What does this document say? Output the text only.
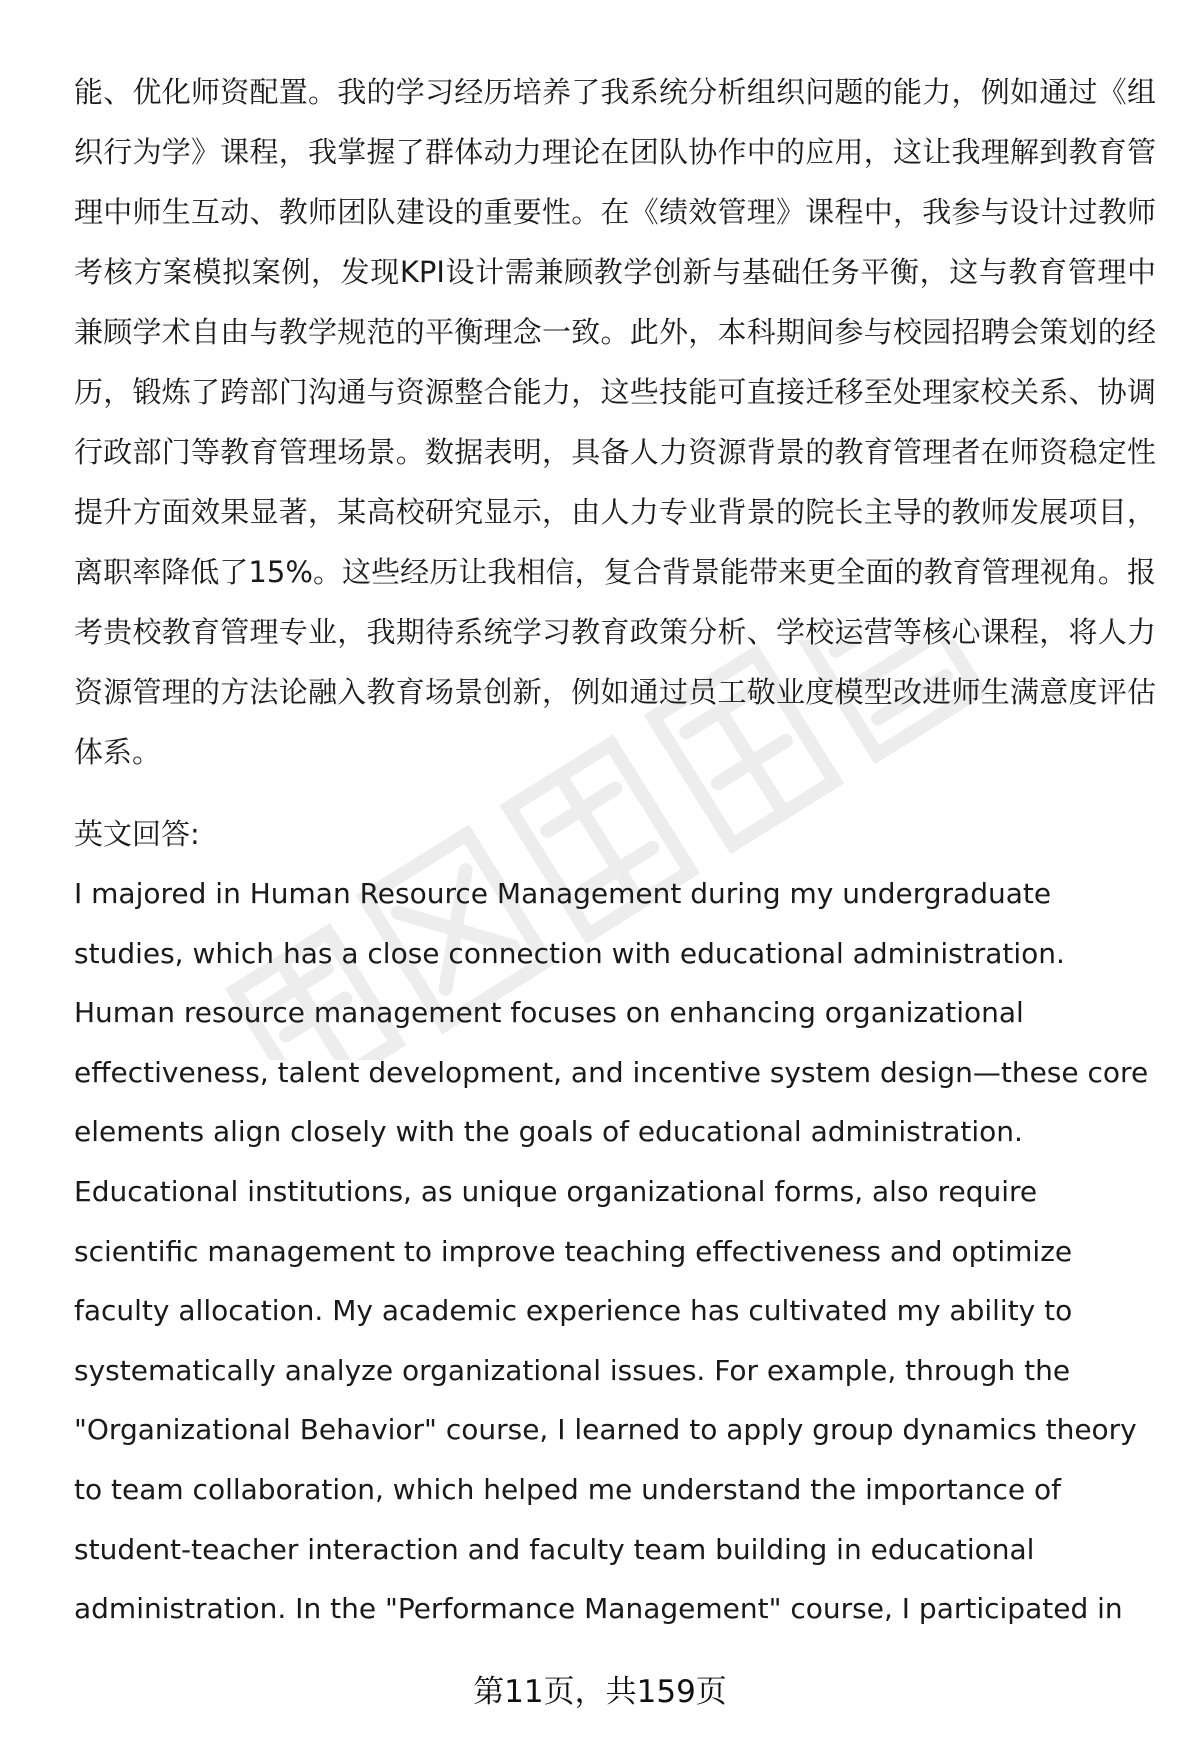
能、优化师资配置。我的学习经历培养了我系统分析组织问题的能力，例如通过《组织行为学》课程，我掌握了群体动力理论在团队协作中的应用，这让我理解到教育管理中师生互动、教师团队建设的重要性。在《绩效管理》课程中，我参与设计过教师考核方案模拟案例，发现KPI设计需兼顾教学创新与基础任务平衡，这与教育管理中兼顾学术自由与教学规范的平衡理念一致。此外，本科期间参与校园招聘会策划的经历，锻炼了跨部门沟通与资源整合能力，这些技能可直接迁移至处理家校关系、协调行政部门等教育管理场景。数据表明，具备人力资源背景的教育管理者在师资稳定性提升方面效果显著，某高校研究显示，由人力专业背景的院长主导的教师发展项目，离职率降低了15%。这些经历让我相信，复合背景能带来更全面的教育管理视角。报考贵校教育管理专业，我期待系统学习教育政策分析、学校运营等核心课程，将人力资源管理的方法论融入教育场景创新，例如通过员工敬业度模型改进师生满意度评估体系。

英文回答:

I majored in Human Resource Management during my undergraduate studies, which has a close connection with educational administration. Human resource management focuses on enhancing organizational effectiveness, talent development, and incentive system design—these core elements align closely with the goals of educational administration. Educational institutions, as unique organizational forms, also require scientific management to improve teaching effectiveness and optimize faculty allocation. My academic experience has cultivated my ability to systematically analyze organizational issues. For example, through the "Organizational Behavior" course, I learned to apply group dynamics theory to team collaboration, which helped me understand the importance of student-teacher interaction and faculty team building in educational administration. In the "Performance Management" course, I participated in

第11页，共159页
